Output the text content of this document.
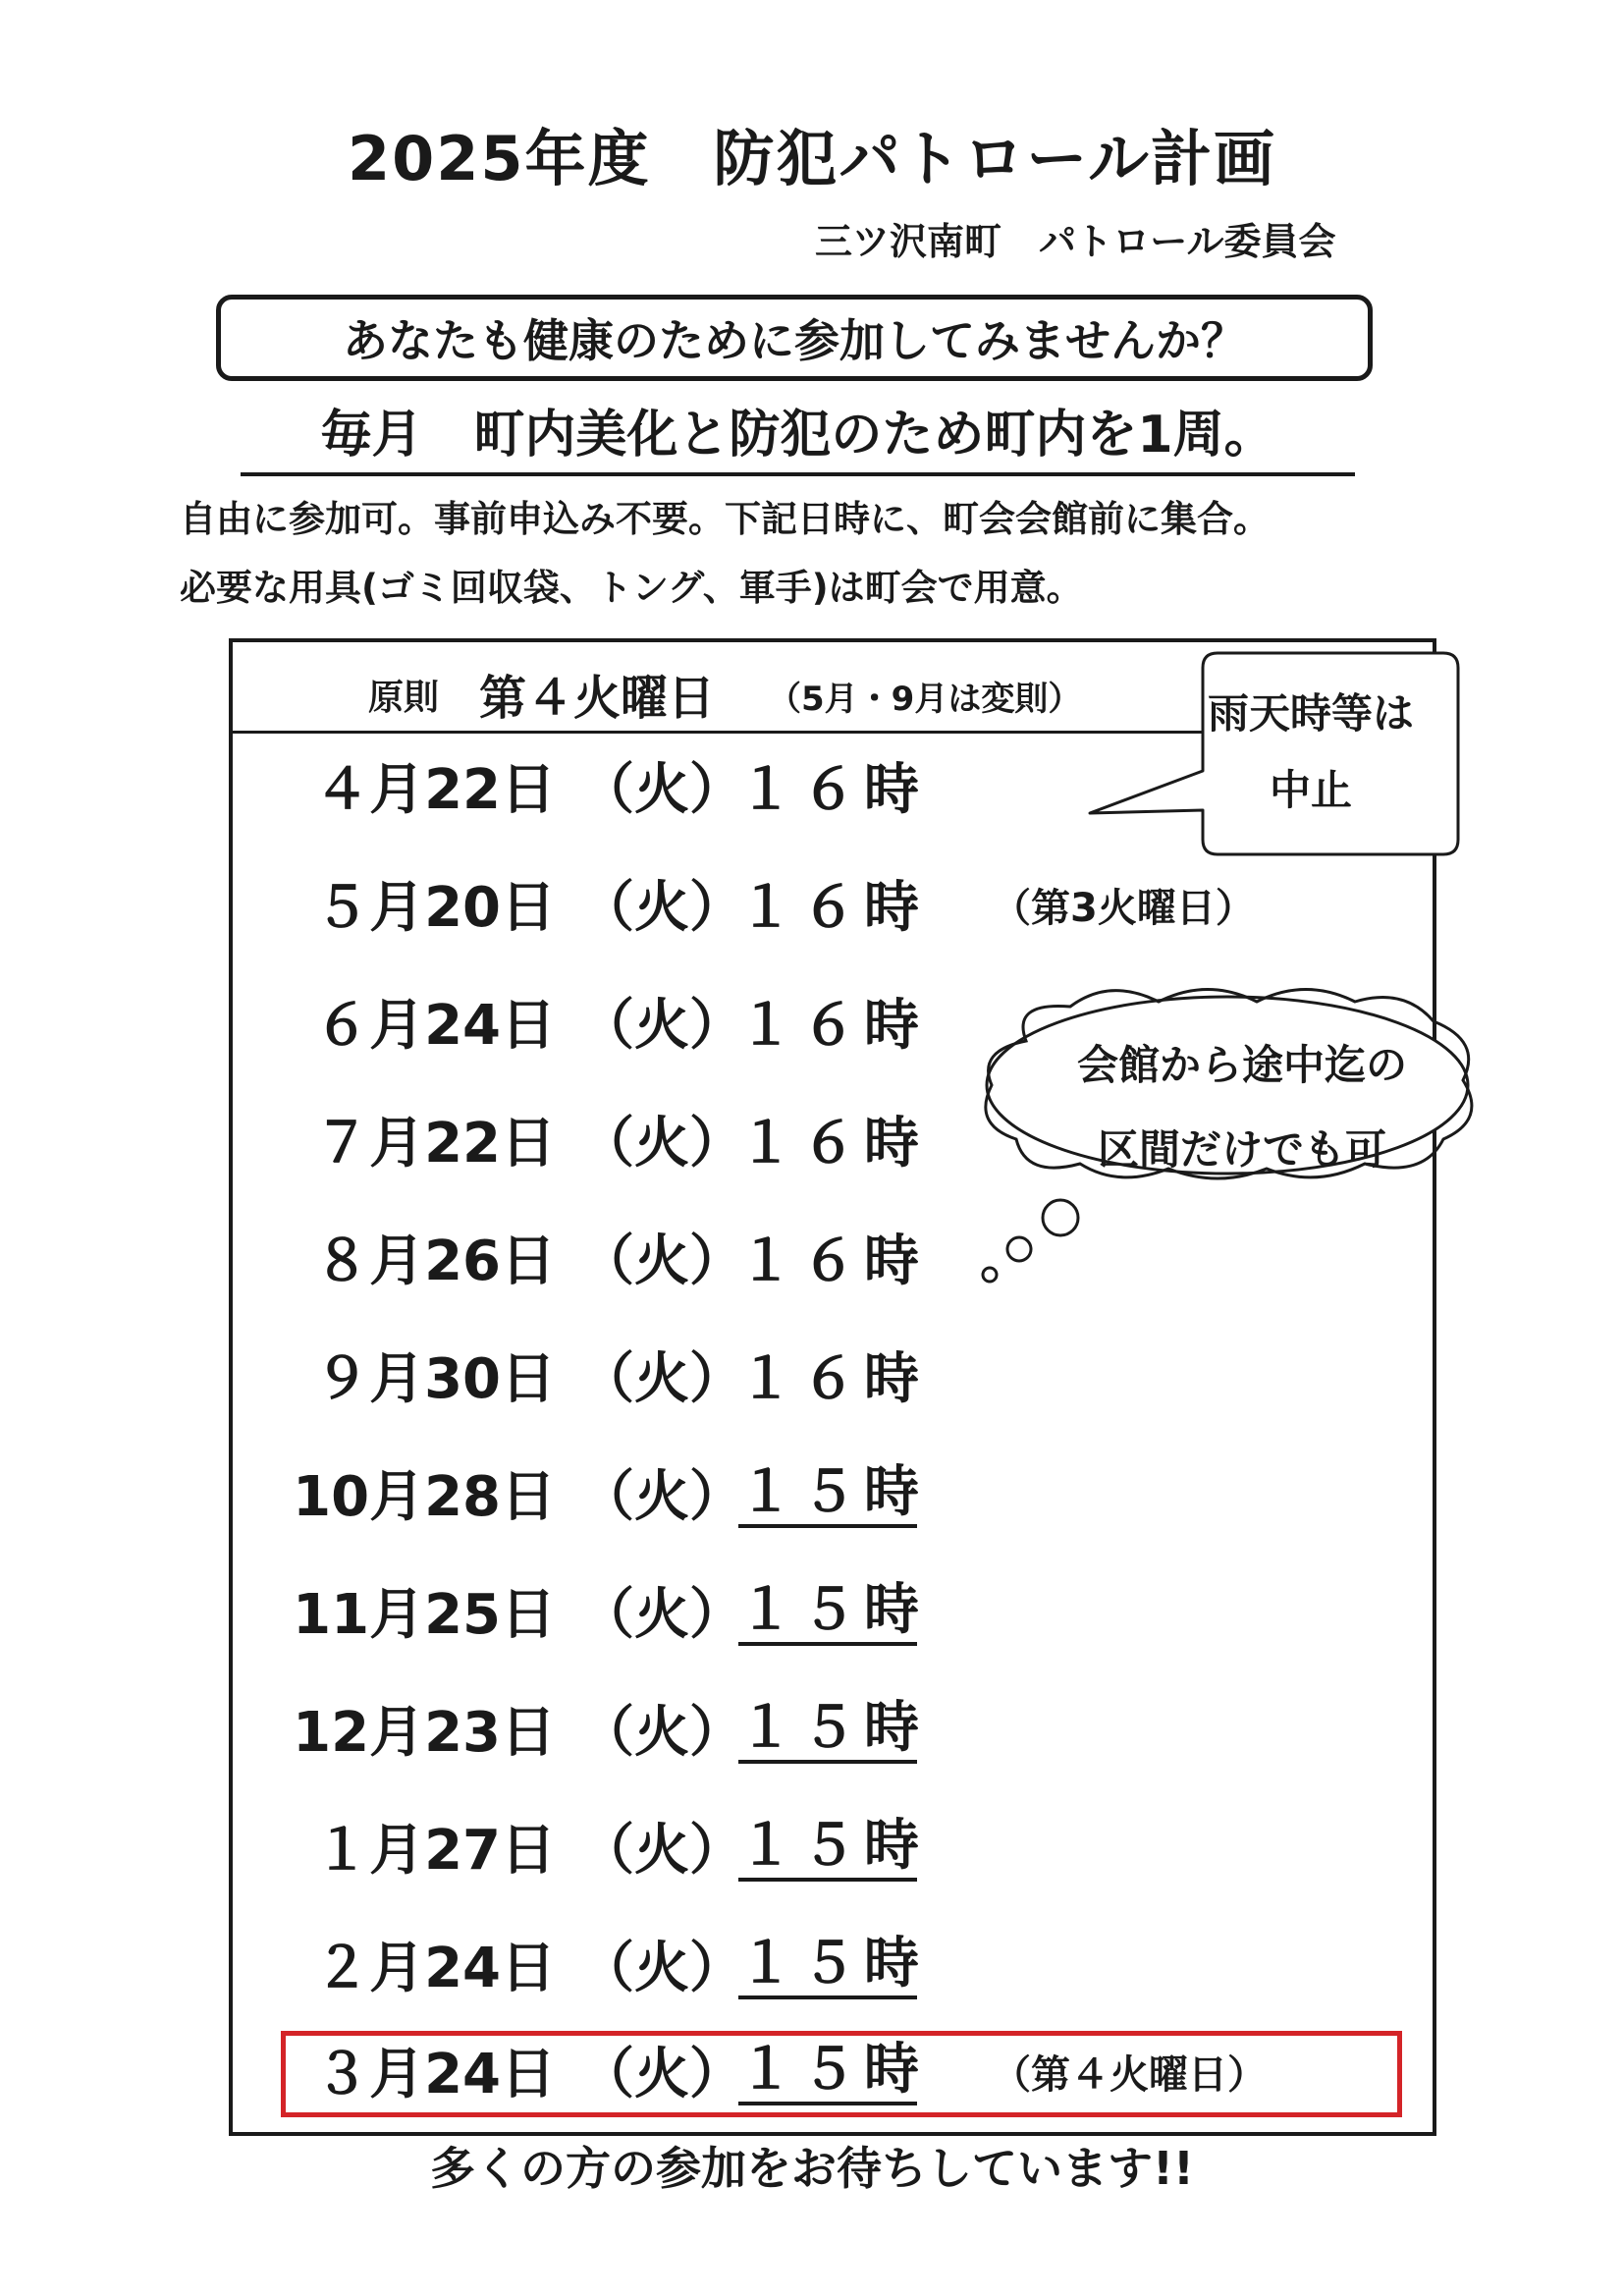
2025年度　防犯パトロール計画
三ツ沢南町　パトロール委員会
あなたも健康のために参加してみませんか？
毎月　町内美化と防犯のため町内を1周。
自由に参加可。事前申込み不要。下記日時に、町会会館前に集合。
必要な用具(ゴミ回収袋、トング、軍手)は町会で用意。
原則 第４火曜日 （5月・9月は変則）
４月22日 （火）
１６時
５月20日 （火）
１６時 （第3火曜日）
６月24日 （火）
１６時
７月22日 （火）
１６時
８月26日 （火）
１６時
９月30日 （火）
１６時
10月28日 （火）
１５時
11月25日 （火）
１５時
12月23日 （火）
１５時
１月27日 （火）
１５時
２月24日 （火）
１５時
３月24日 （火）
１５時 （第４火曜日）
雨天時等は
中止
会館から途中迄の
区間だけでも可
多くの方の参加をお待ちしています!!
